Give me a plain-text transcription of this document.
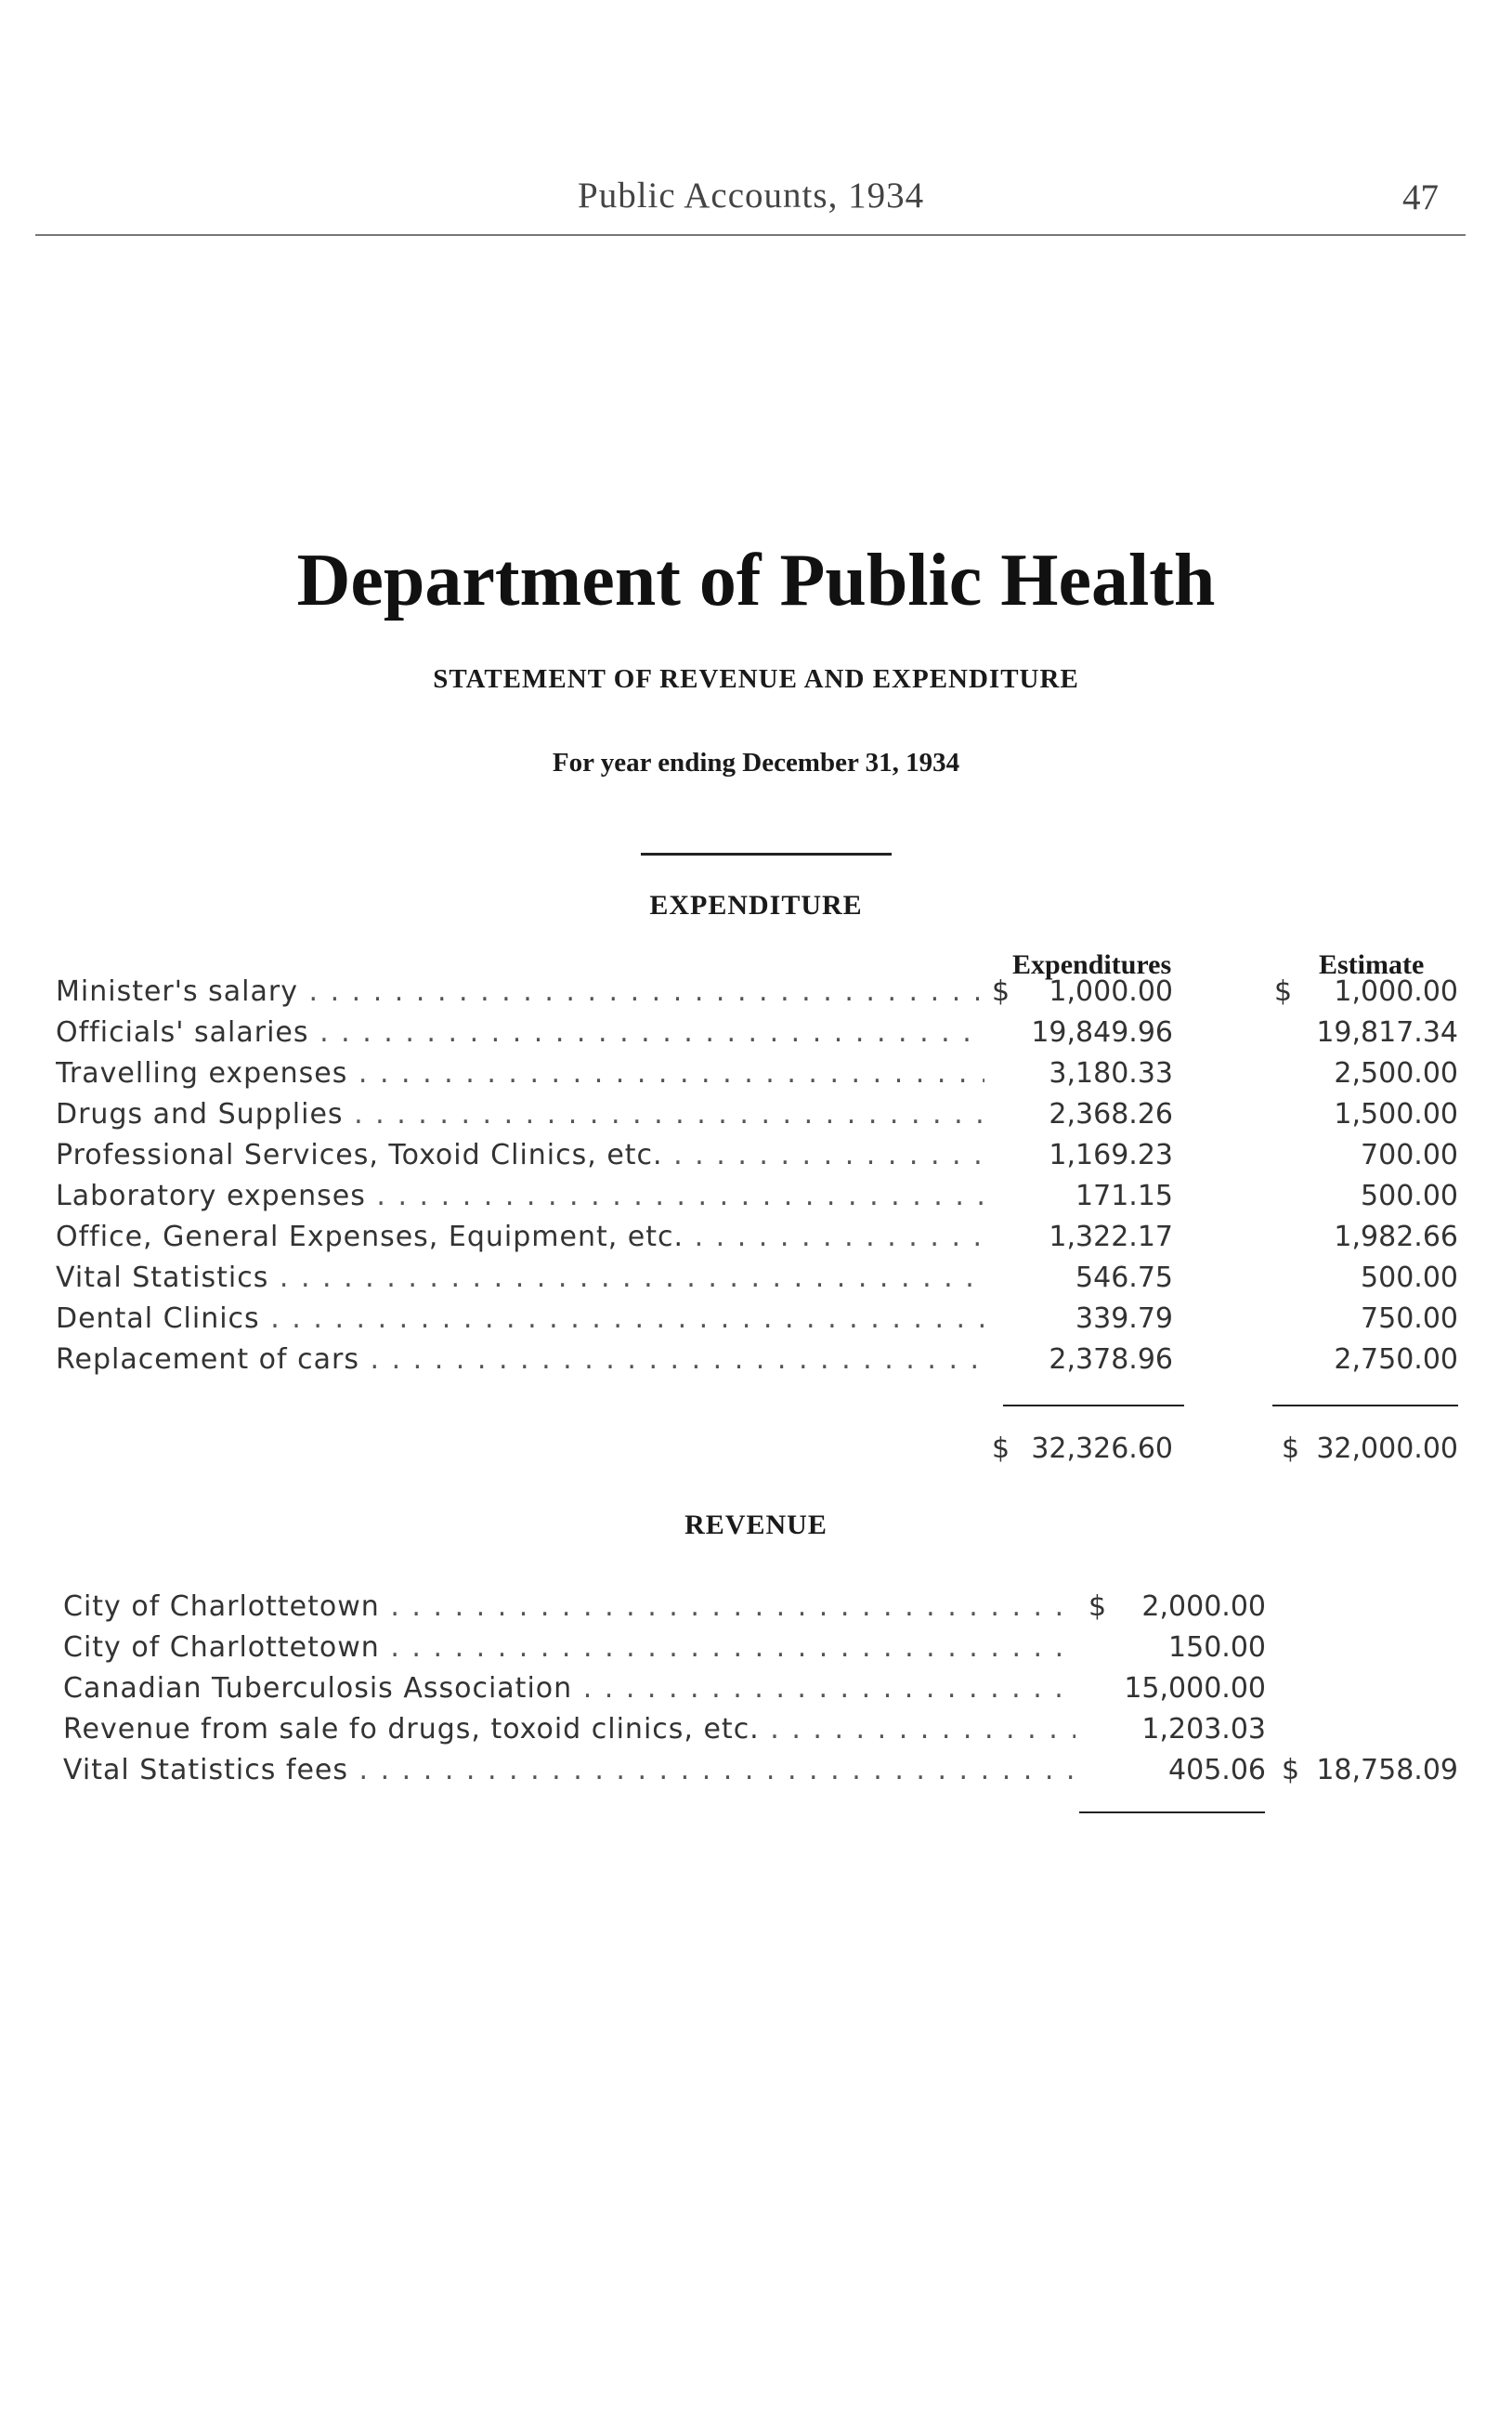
Public Accounts, 1934	47
Department of Public Health
STATEMENT OF REVENUE AND EXPENDITURE
For year ending December 31, 1934
EXPENDITURE
Expenditures	Estimate
Minister's salary . . .	$ 1,000.00	$ 1,000.00
Officials' salaries . . .	19,849.96	19,817.34
Travelling expenses . . .	3,180.33	2,500.00
Drugs and Supplies . . .	2,368.26	1,500.00
Professional Services, Toxoid Clinics, etc. . . .	1,169.23	700.00
Laboratory expenses . . .	171.15	500.00
Office, General Expenses, Equipment, etc. . . .	1,322.17	1,982.66
Vital Statistics . . .	546.75	500.00
Dental Clinics . . .	339.79	750.00
Replacement of cars . . .	2,378.96	2,750.00
$ 32,326.60	$ 32,000.00
REVENUE
City of Charlottetown . . .	$ 2,000.00
City of Charlottetown . . .	150.00
Canadian Tuberculosis Association . . .	15,000.00
Revenue from sale fo drugs, toxoid clinics, etc. . . .	1,203.03
Vital Statistics fees . . .	405.06 $ 18,758.09
